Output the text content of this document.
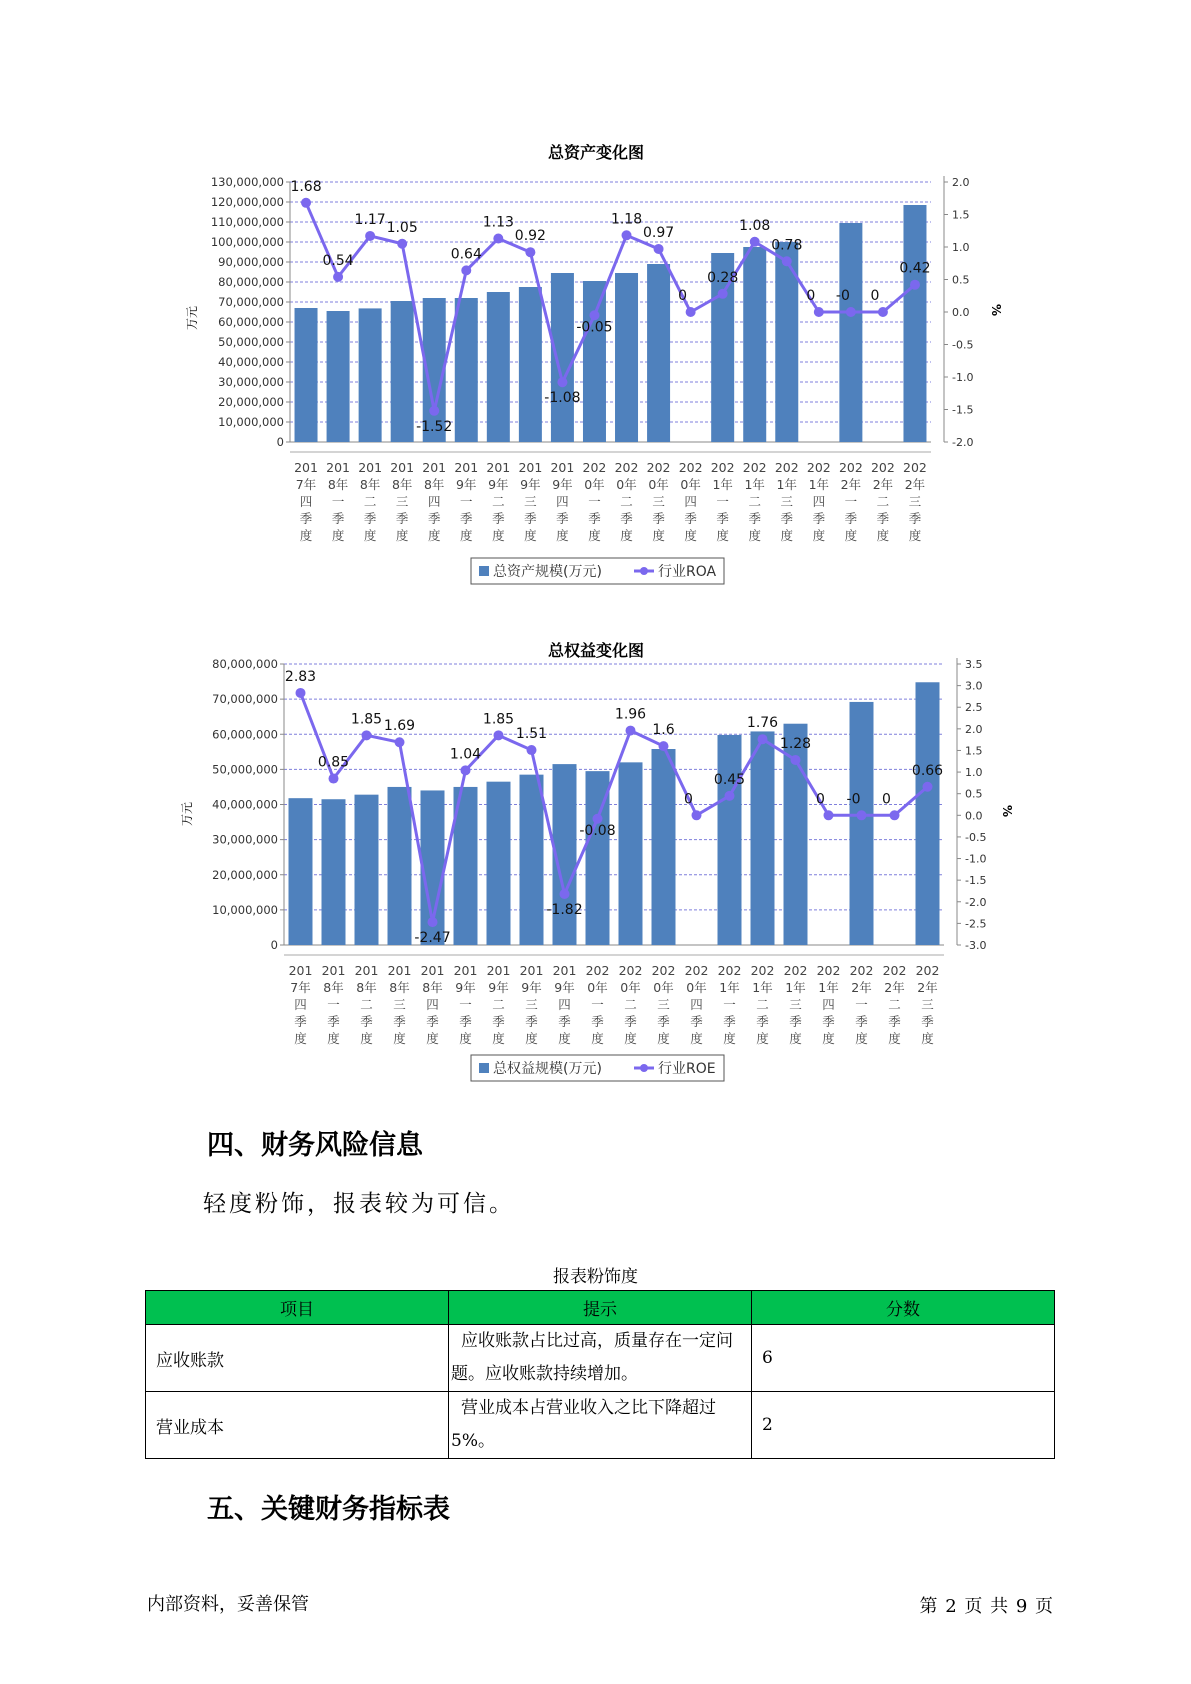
总资产变化图
万元	%
0
10,000,000
20,000,000
30,000,000
40,000,000
50,000,000
60,000,000
70,000,000
80,000,000
90,000,000
100,000,000
110,000,000
120,000,000
130,000,000
-2.0
-1.5
-1.0
-0.5
0.0
0.5
1.0
1.5
2.0
201
7年
四
季
度
201
8年
一
季
度
201
8年
二
季
度
201
8年
三
季
度
201
8年
四
季
度
201
9年
一
季
度
201
9年
二
季
度
201
9年
三
季
度
201
9年
四
季
度
202
0年
一
季
度
202
0年
二
季
度
202
0年
三
季
度
202
0年
四
季
度
202
1年
一
季
度
202
1年
二
季
度
202
1年
三
季
度
202
1年
四
季
度
202
2年
一
季
度
202
2年
二
季
度
202
2年
三
季
度
1.68
0.54
1.17 1.05
-1.52
0.64
1.13
0.92
-1.08
-0.05
1.18
0.97
0
0.28
1.08
0.78
0 -0 0
0.42
总资产规模(万元)	行业ROA
总权益变化图
万元	%
0
10,000,000
20,000,000
30,000,000
40,000,000
50,000,000
60,000,000
70,000,000
80,000,000
-3.0
-2.5
-2.0
-1.5
-1.0
-0.5
0.0
0.5
1.0
1.5
2.0
2.5
3.0
3.5
201
7年
四
季
度
201
8年
一
季
度
201
8年
二
季
度
201
8年
三
季
度
201
8年
四
季
度
201
9年
一
季
度
201
9年
二
季
度
201
9年
三
季
度
201
9年
四
季
度
202
0年
一
季
度
202
0年
二
季
度
202
0年
三
季
度
202
0年
四
季
度
202
1年
一
季
度
202
1年
二
季
度
202
1年
三
季
度
202
1年
四
季
度
202
2年
一
季
度
202
2年
二
季
度
202
2年
三
季
度
2.83
0.85
1.85 1.69
-2.47
1.04
1.85
1.51
-1.82
-0.08
1.96
1.6
0
0.45
1.76
1.28
0 -0 0
0.66
总权益规模(万元)	行业ROE
四、财务风险信息

轻度粉饰，报表较为可信。

报表粉饰度
项目	提示	分数
应收账款	应收账款占比过高，质量存在一定问题。应收账款持续增加。	6
营业成本	营业成本占营业收入之比下降超过5%。	2
五、关键财务指标表
内部资料，妥善保管	第 2 页 共 9 页
